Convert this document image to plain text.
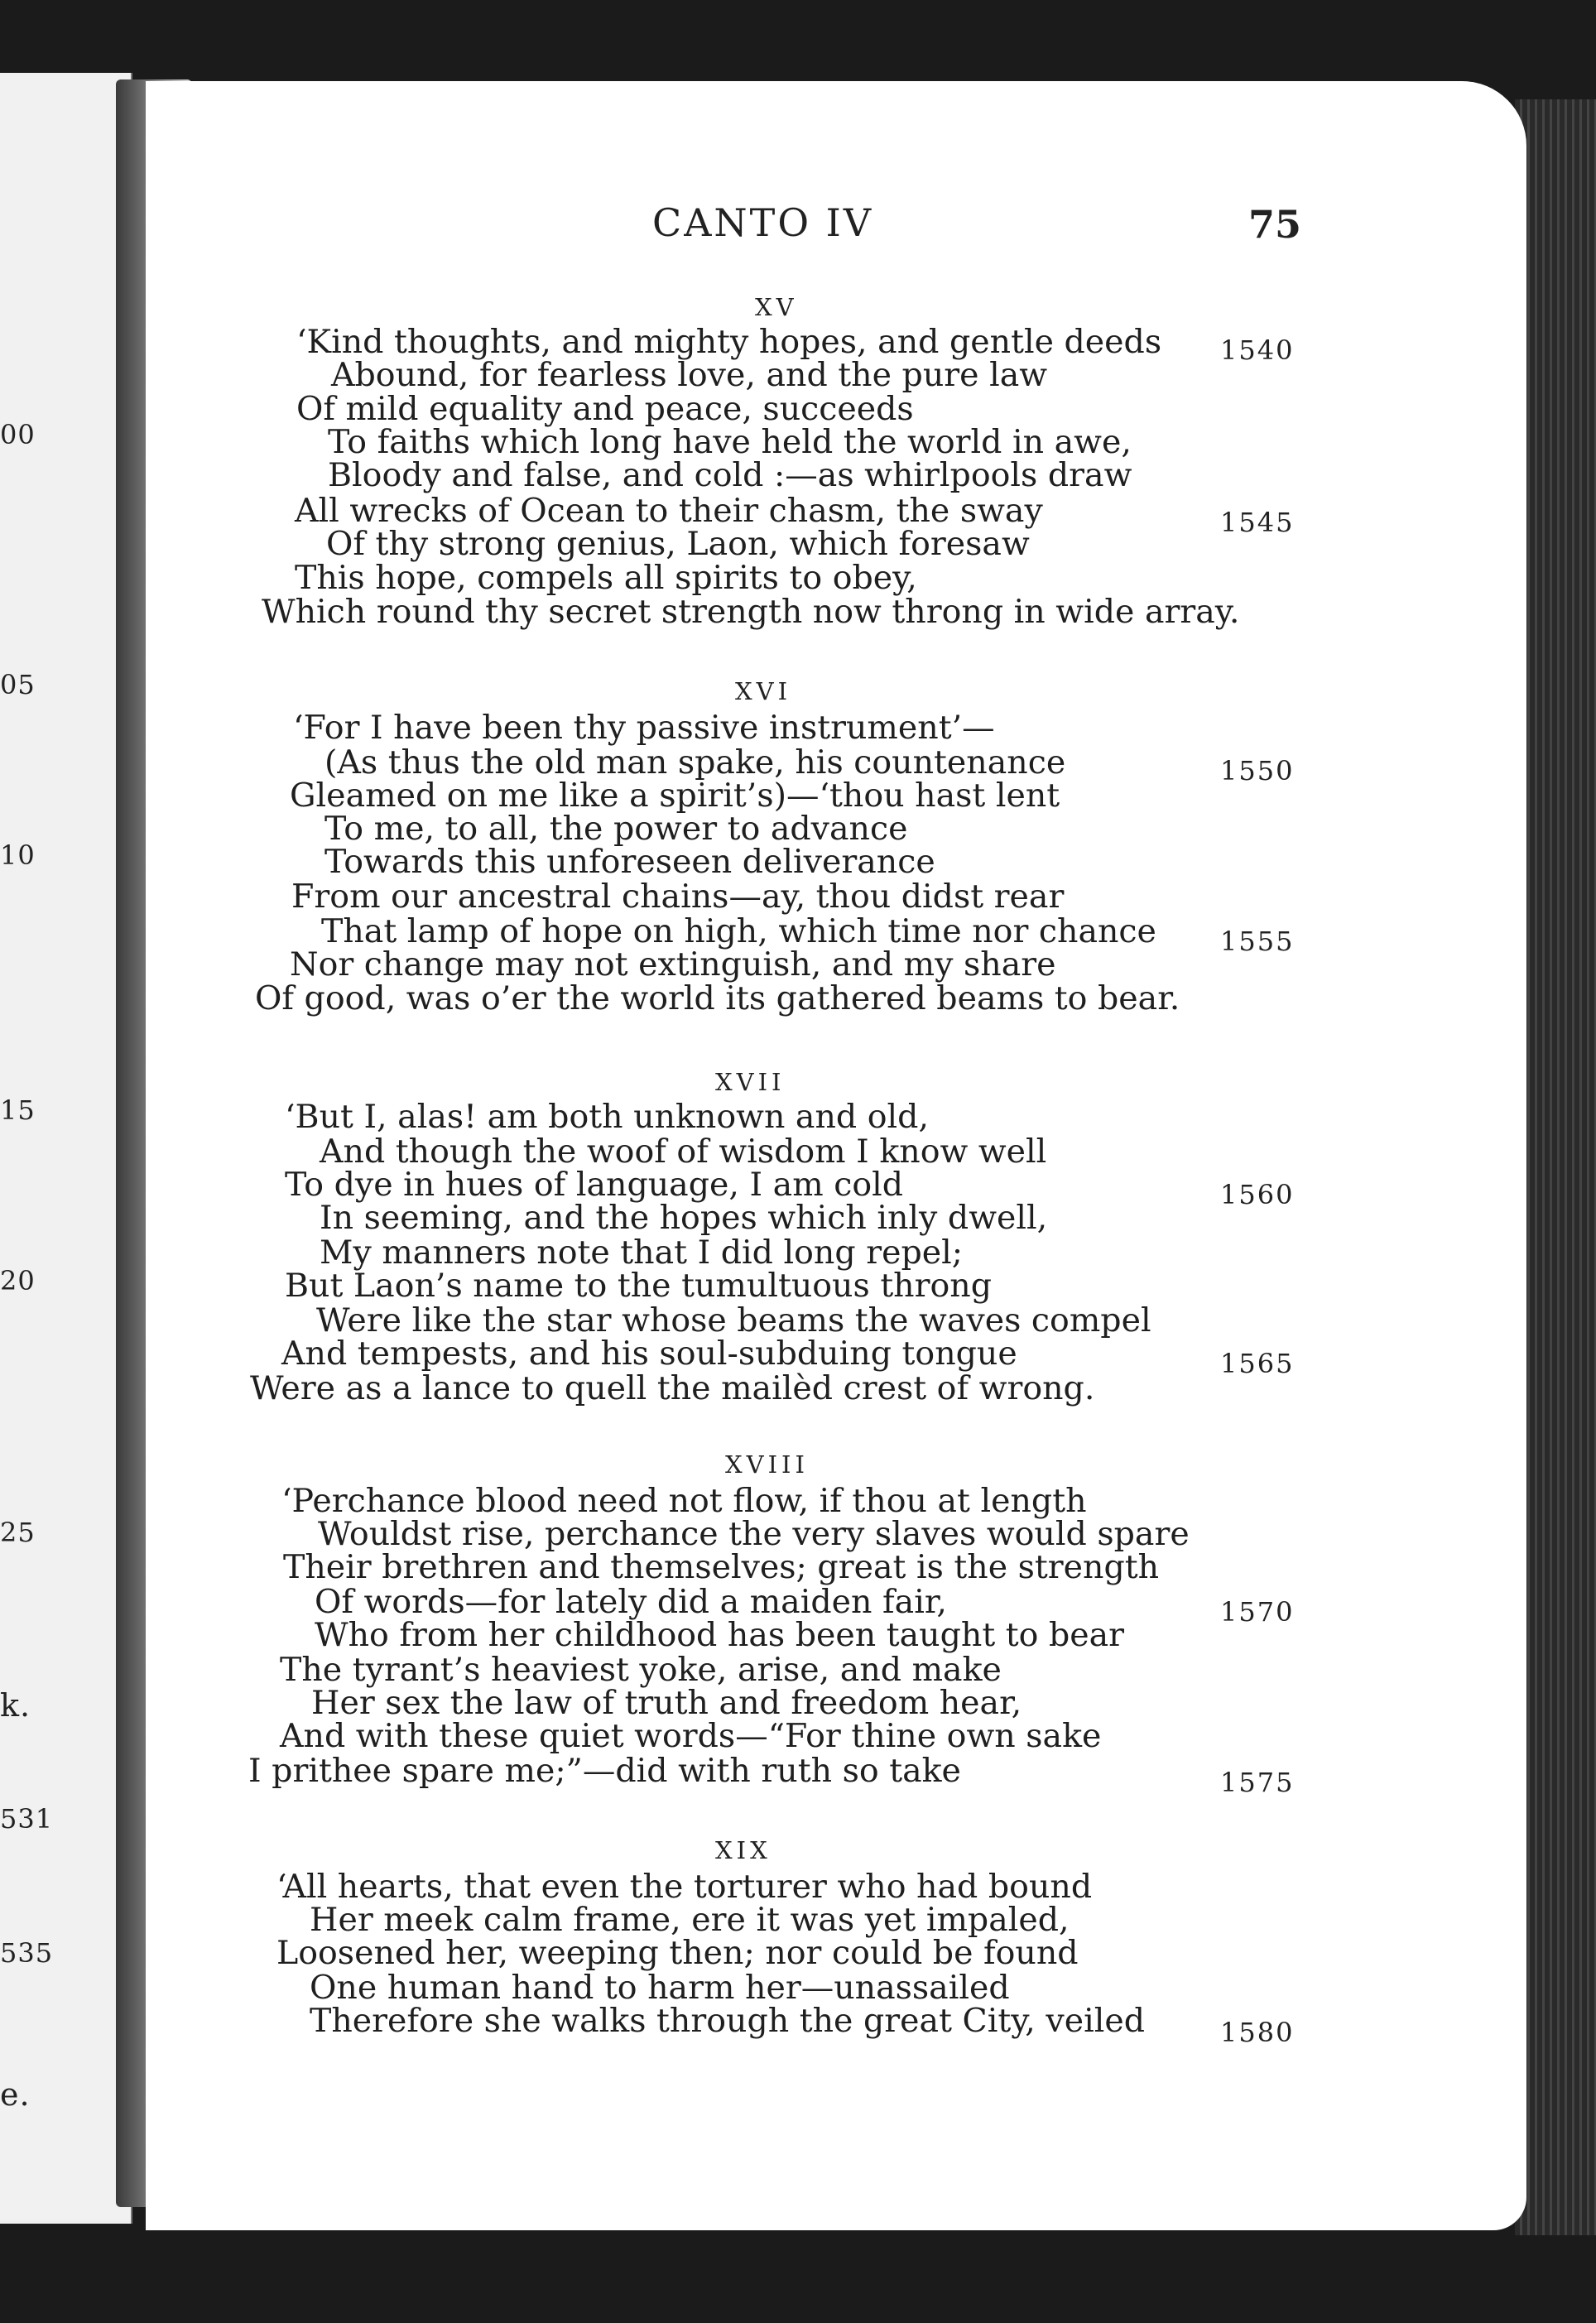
00
05
10
15
20
25
k.
531
535
e.
CANTO IV	75
XV
‘Kind thoughts, and mighty hopes, and gentle deeds
Abound, for fearless love, and the pure law
Of mild equality and peace, succeeds
To faiths which long have held the world in awe,
Bloody and false, and cold :—as whirlpools draw
All wrecks of Ocean to their chasm, the sway
Of thy strong genius, Laon, which foresaw
This hope, compels all spirits to obey,
Which round thy secret strength now throng in wide array.
1540
1545
XVI
‘For I have been thy passive instrument’—
(As thus the old man spake, his countenance
Gleamed on me like a spirit’s)—‘thou hast lent
To me, to all, the power to advance
Towards this unforeseen deliverance
From our ancestral chains—ay, thou didst rear
That lamp of hope on high, which time nor chance
Nor change may not extinguish, and my share
Of good, was o’er the world its gathered beams to bear.
1550
1555
XVII
‘But I, alas! am both unknown and old,
And though the woof of wisdom I know well
To dye in hues of language, I am cold
In seeming, and the hopes which inly dwell,
My manners note that I did long repel;
But Laon’s name to the tumultuous throng
Were like the star whose beams the waves compel
And tempests, and his soul-subduing tongue
Were as a lance to quell the mailèd crest of wrong.
1560
1565
XVIII
‘Perchance blood need not flow, if thou at length
Wouldst rise, perchance the very slaves would spare
Their brethren and themselves; great is the strength
Of words—for lately did a maiden fair,
Who from her childhood has been taught to bear
The tyrant’s heaviest yoke, arise, and make
Her sex the law of truth and freedom hear,
And with these quiet words—“For thine own sake
I prithee spare me;”—did with ruth so take
1570
1575
XIX
‘All hearts, that even the torturer who had bound
Her meek calm frame, ere it was yet impaled,
Loosened her, weeping then; nor could be found
One human hand to harm her—unassailed
Therefore she walks through the great City, veiled	1580
